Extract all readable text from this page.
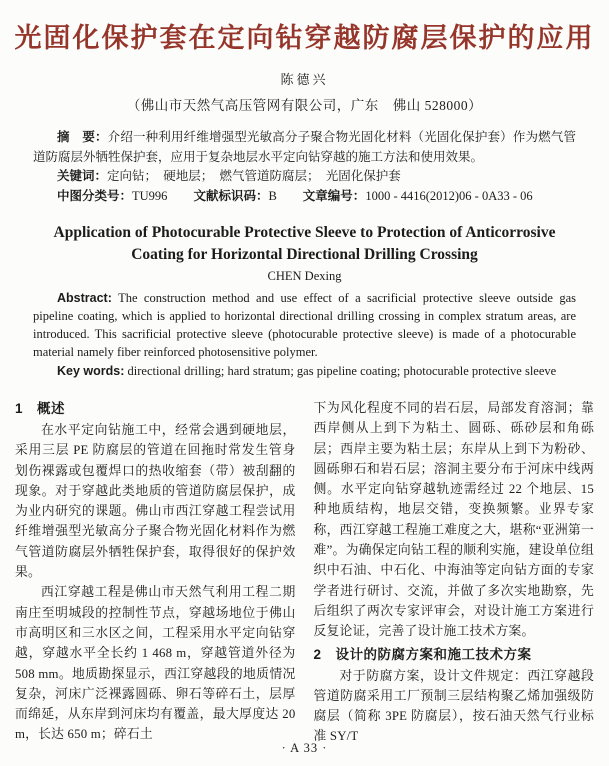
光固化保护套在定向钻穿越防腐层保护的应用
陈德兴
（佛山市天然气高压管网有限公司，广东　佛山 528000）

摘　要：介绍一种利用纤维增强型光敏高分子聚合物光固化材料（光固化保护套）作为燃气管道防腐层外牺牲保护套，应用于复杂地层水平定向钻穿越的施工方法和使用效果。

关键词：定向钻；　硬地层；　燃气管道防腐层；　光固化保护套

中图分类号：TU996 文献标识码：B 文章编号：1000 - 4416(2012)06 - 0A33 - 06

Application of Photocurable Protective Sleeve to Protection of Anticorrosive
Coating for Horizontal Directional Drilling Crossing
CHEN Dexing

Abstract: The construction method and use effect of a sacrificial protective sleeve outside gas pipeline coating, which is applied to horizontal directional drilling crossing in complex stratum areas, are introduced. This sacrificial protective sleeve (photocurable protective sleeve) is made of a photocurable material namely fiber reinforced photosensitive polymer.

Key words: directional drilling; hard stratum; gas pipeline coating; photocurable protective sleeve

1　概述

在水平定向钻施工中，经常会遇到硬地层，采用三层 PE 防腐层的管道在回拖时常发生管身划伤裸露或包覆焊口的热收缩套（带）被刮翻的现象。对于穿越此类地质的管道防腐层保护，成为业内研究的课题。佛山市西江穿越工程尝试用纤维增强型光敏高分子聚合物光固化材料作为燃气管道防腐层外牺牲保护套，取得很好的保护效果。

西江穿越工程是佛山市天然气利用工程二期南庄至明城段的控制性节点，穿越场地位于佛山市高明区和三水区之间，工程采用水平定向钻穿越，穿越水平全长约 1 468 m，穿越管道外径为 508 mm。地质勘探显示，西江穿越段的地质情况复杂，河床广泛裸露圆砾、卵石等碎石土，层厚而绵延，从东岸到河床均有覆盖，最大厚度达 20 m，长达 650 m；碎石土

下为风化程度不同的岩石层，局部发育溶洞；靠西岸侧从上到下为粘土、圆砾、砾砂层和角砾层；西岸主要为粘土层；东岸从上到下为粉砂、圆砾卵石和岩石层；溶洞主要分布于河床中线两侧。水平定向钻穿越轨迹需经过 22 个地层、15 种地质结构，地层交错，变换频繁。业界专家称，西江穿越工程施工难度之大，堪称“亚洲第一难”。为确保定向钻工程的顺利实施，建设单位组织中石油、中石化、中海油等定向钻方面的专家学者进行研讨、交流，并做了多次实地勘察，先后组织了两次专家评审会，对设计施工方案进行反复论证，完善了设计施工技术方案。

2　设计的防腐方案和施工技术方案

对于防腐方案，设计文件规定：西江穿越段管道防腐采用工厂预制三层结构聚乙烯加强级防腐层（简称 3PE 防腐层），按石油天然气行业标准 SY/T

· A 33 ·
